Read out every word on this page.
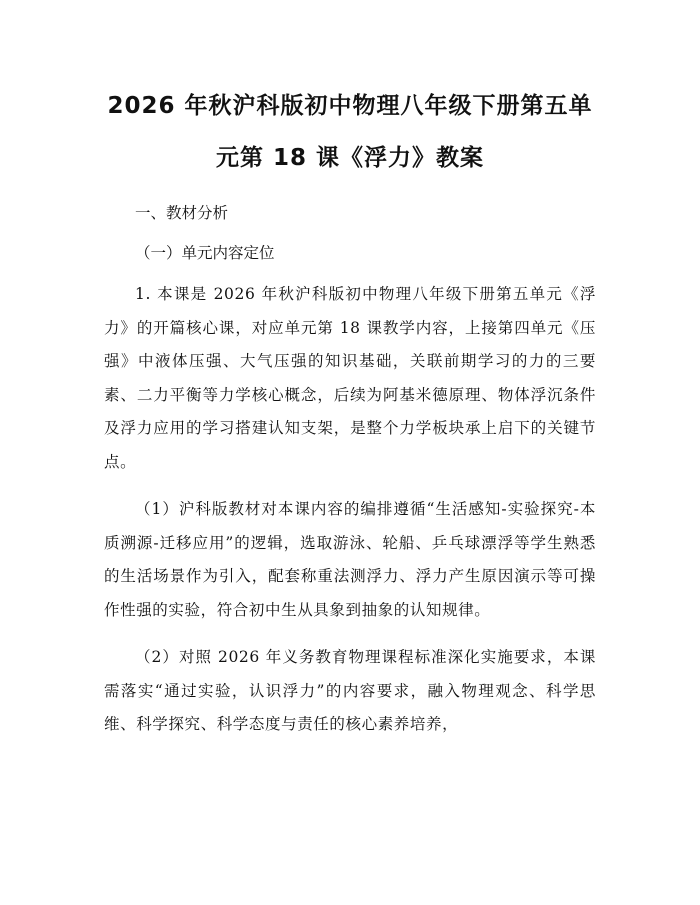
2026 年秋沪科版初中物理八年级下册第五单
元第 18 课《浮力》教案
一、教材分析
（一）单元内容定位

1. 本课是 2026 年秋沪科版初中物理八年级下册第五单元《浮力》的开篇核心课，对应单元第 18 课教学内容，上接第四单元《压强》中液体压强、大气压强的知识基础，关联前期学习的力的三要素、二力平衡等力学核心概念，后续为阿基米德原理、物体浮沉条件及浮力应用的学习搭建认知支架，是整个力学板块承上启下的关键节点。

（1）沪科版教材对本课内容的编排遵循“生活感知-实验探究-本质溯源-迁移应用”的逻辑，选取游泳、轮船、乒乓球漂浮等学生熟悉的生活场景作为引入，配套称重法测浮力、浮力产生原因演示等可操作性强的实验，符合初中生从具象到抽象的认知规律。

（2）对照 2026 年义务教育物理课程标准深化实施要求，本课需落实“通过实验，认识浮力”的内容要求，融入物理观念、科学思维、科学探究、科学态度与责任的核心素养培养，
